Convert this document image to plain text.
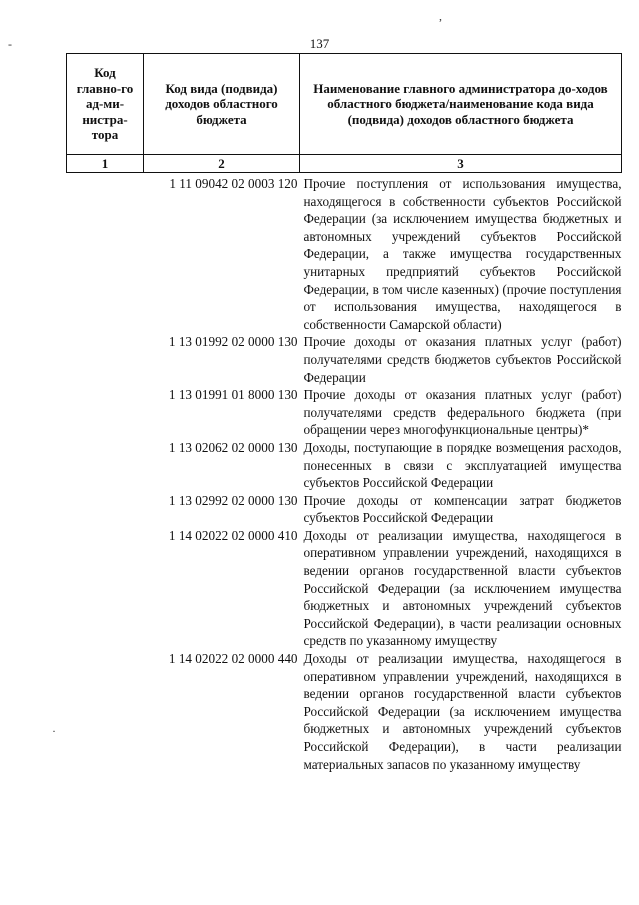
137
Код главно-го ад-ми-нистра-тора	Код вида (подвида) доходов областного бюджета	Наименование главного администратора до-ходов областного бюджета/наименование кода вида (подвида) доходов областного бюджета
1	2	3
	1 11 09042 02 0003 120	Прочие поступления от использования имущества, находящегося в собственности субъектов Российской Федерации (за исключением имущества бюджетных и автономных учреждений субъектов Российской Федерации, а также имущества государственных унитарных предприятий субъектов Российской Федерации, в том числе казенных) (прочие поступления от использования имущества, находящегося в собственности Самарской области)
	1 13 01992 02 0000 130	Прочие доходы от оказания платных услуг (работ) получателями средств бюджетов субъектов Российской Федерации
	1 13 01991 01 8000 130	Прочие доходы от оказания платных услуг (работ) получателями средств федерального бюджета (при обращении через многофункциональные центры)*
	1 13 02062 02 0000 130	Доходы, поступающие в порядке возмещения расходов, понесенных в связи с эксплуатацией имущества субъектов Российской Федерации
	1 13 02992 02 0000 130	Прочие доходы от компенсации затрат бюджетов субъектов Российской Федерации
	1 14 02022 02 0000 410	Доходы от реализации имущества, находящегося в оперативном управлении учреждений, находящихся в ведении органов государственной власти субъектов Российской Федерации (за исключением имущества бюджетных и автономных учреждений субъектов Российской Федерации), в части реализации основных средств по указанному имуществу
	1 14 02022 02 0000 440	Доходы от реализации имущества, находящегося в оперативном управлении учреждений, находящихся в ведении органов государственной власти субъектов Российской Федерации (за исключением имущества бюджетных и автономных учреждений субъектов Российской Федерации), в части реализации материальных запасов по указанному имуществу
-
,
·
